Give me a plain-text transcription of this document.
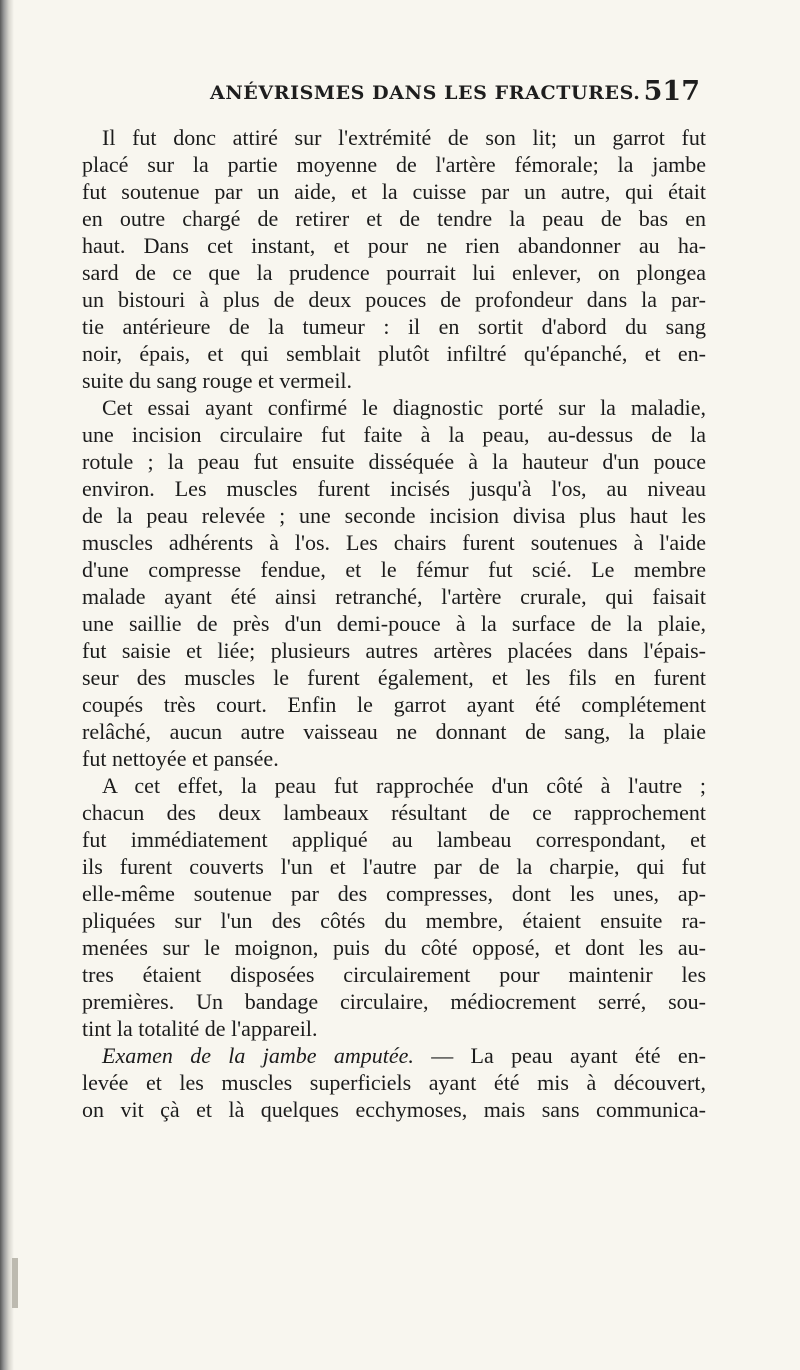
ANÉVRISMES DANS LES FRACTURES. 517

Il fut donc attiré sur l'extrémité de son lit; un garrot fut
placé sur la partie moyenne de l'artère fémorale; la jambe
fut soutenue par un aide, et la cuisse par un autre, qui était
en outre chargé de retirer et de tendre la peau de bas en
haut. Dans cet instant, et pour ne rien abandonner au ha-
sard de ce que la prudence pourrait lui enlever, on plongea
un bistouri à plus de deux pouces de profondeur dans la par-
tie antérieure de la tumeur : il en sortit d'abord du sang
noir, épais, et qui semblait plutôt infiltré qu'épanché, et en-
suite du sang rouge et vermeil.

Cet essai ayant confirmé le diagnostic porté sur la maladie,
une incision circulaire fut faite à la peau, au-dessus de la
rotule ; la peau fut ensuite disséquée à la hauteur d'un pouce
environ. Les muscles furent incisés jusqu'à l'os, au niveau
de la peau relevée ; une seconde incision divisa plus haut les
muscles adhérents à l'os. Les chairs furent soutenues à l'aide
d'une compresse fendue, et le fémur fut scié. Le membre
malade ayant été ainsi retranché, l'artère crurale, qui faisait
une saillie de près d'un demi-pouce à la surface de la plaie,
fut saisie et liée; plusieurs autres artères placées dans l'épais-
seur des muscles le furent également, et les fils en furent
coupés très court. Enfin le garrot ayant été complétement
relâché, aucun autre vaisseau ne donnant de sang, la plaie
fut nettoyée et pansée.

A cet effet, la peau fut rapprochée d'un côté à l'autre ;
chacun des deux lambeaux résultant de ce rapprochement
fut immédiatement appliqué au lambeau correspondant, et
ils furent couverts l'un et l'autre par de la charpie, qui fut
elle-même soutenue par des compresses, dont les unes, ap-
pliquées sur l'un des côtés du membre, étaient ensuite ra-
menées sur le moignon, puis du côté opposé, et dont les au-
tres étaient disposées circulairement pour maintenir les
premières. Un bandage circulaire, médiocrement serré, sou-
tint la totalité de l'appareil.

Examen de la jambe amputée. — La peau ayant été en-
levée et les muscles superficiels ayant été mis à découvert,
on vit çà et là quelques ecchymoses, mais sans communica-
